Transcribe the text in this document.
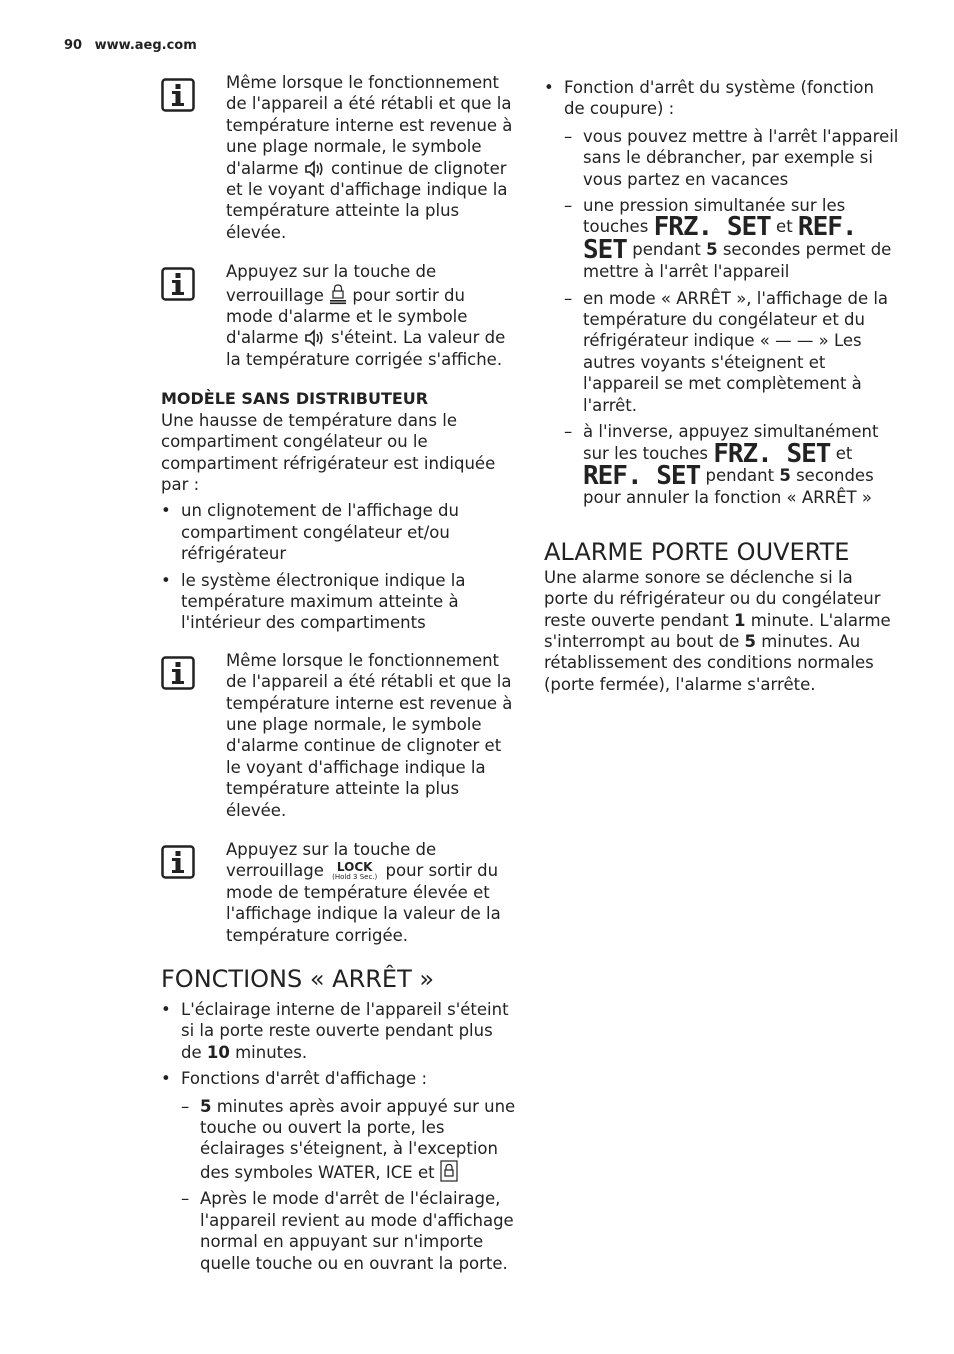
90 www.aeg.com

Même lorsque le fonctionnement de l'appareil a été rétabli et que la température interne est revenue à une plage normale, le symbole d'alarme continue de clignoter et le voyant d'affichage indique la température atteinte la plus élevée.

Appuyez sur la touche de verrouillage pour sortir du mode d'alarme et le symbole d'alarme s'éteint. La valeur de la température corrigée s'affiche.

MODÈLE SANS DISTRIBUTEUR

Une hausse de température dans le compartiment congélateur ou le compartiment réfrigérateur est indiquée par :

• un clignotement de l'affichage du compartiment congélateur et/ou réfrigérateur
• le système électronique indique la température maximum atteinte à l'intérieur des compartiments

Même lorsque le fonctionnement de l'appareil a été rétabli et que la température interne est revenue à une plage normale, le symbole d'alarme continue de clignoter et le voyant d'affichage indique la température atteinte la plus élevée.

Appuyez sur la touche de verrouillage	LOCK
(Hold 3 Sec.) pour sortir du mode de température élevée et l'affichage indique la valeur de la température corrigée.

FONCTIONS « ARRÊT »

• L'éclairage interne de l'appareil s'éteint si la porte reste ouverte pendant plus de 10 minutes.
• Fonctions d'arrêt d'affichage :
– 5 minutes après avoir appuyé sur une touche ou ouvert la porte, les éclairages s'éteignent, à l'exception des symboles WATER, ICE et
– Après le mode d'arrêt de l'éclairage, l'appareil revient au mode d'affichage normal en appuyant sur n'importe quelle touche ou en ouvrant la porte.
• Fonction d'arrêt du système (fonction de coupure) :
– vous pouvez mettre à l'arrêt l'appareil sans le débrancher, par exemple si vous partez en vacances
– une pression simultanée sur les touches FRZ. SET et REF. SET pendant 5 secondes permet de mettre à l'arrêt l'appareil
– en mode « ARRÊT », l'affichage de la température du congélateur et du réfrigérateur indique « — — » Les autres voyants s'éteignent et l'appareil se met complètement à l'arrêt.
– à l'inverse, appuyez simultanément sur les touches FRZ. SET et REF. SET pendant 5 secondes pour annuler la fonction « ARRÊT »

ALARME PORTE OUVERTE

Une alarme sonore se déclenche si la porte du réfrigérateur ou du congélateur reste ouverte pendant 1 minute. L'alarme s'interrompt au bout de 5 minutes. Au rétablissement des conditions normales (porte fermée), l'alarme s'arrête.
